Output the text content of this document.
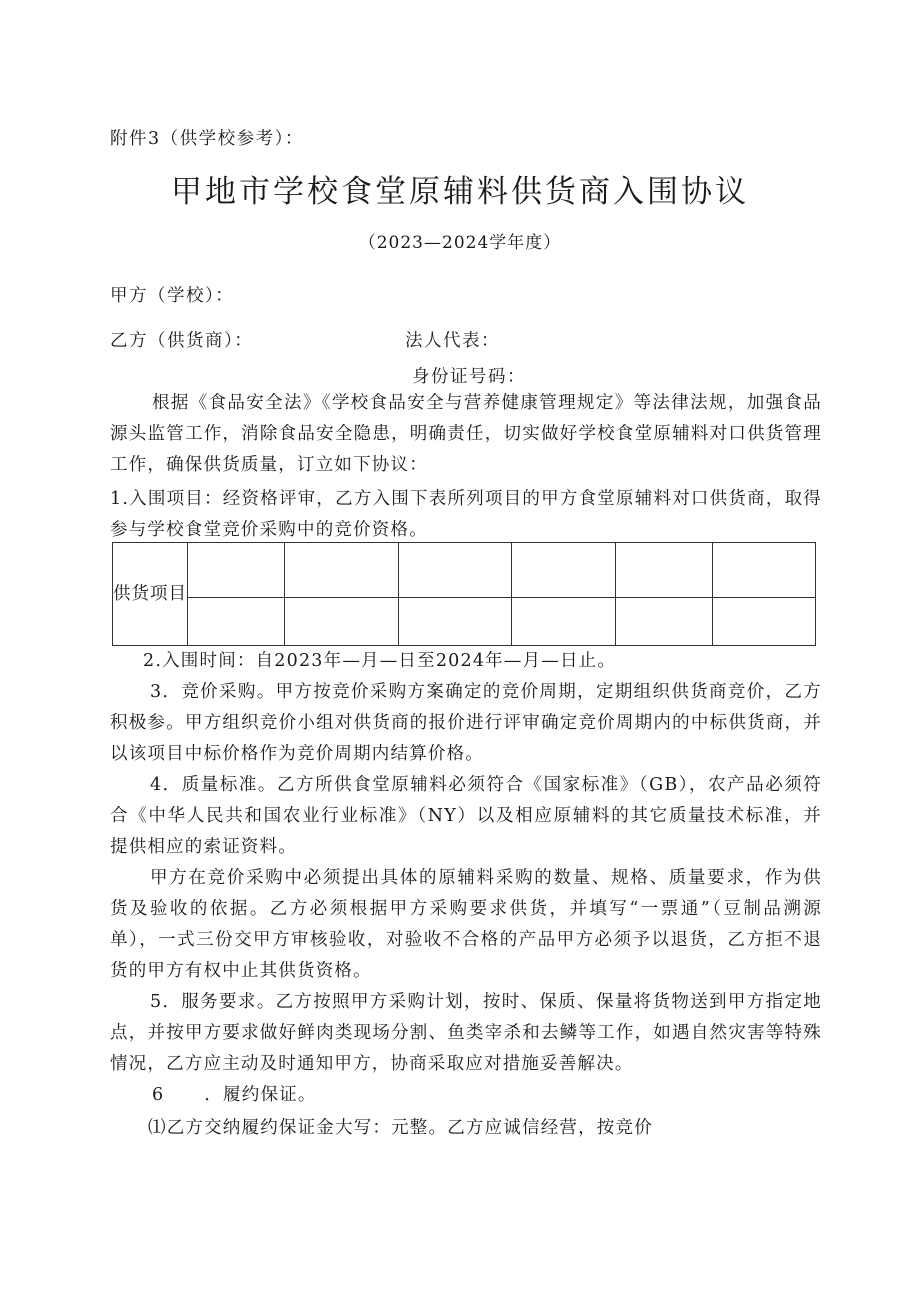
附件3（供学校参考）：
甲地市学校食堂原辅料供货商入围协议
（2023—2024学年度）
甲方（学校）：
乙方（供货商）：	法人代表：
身份证号码：
根据《食品安全法》《学校食品安全与营养健康管理规定》等法律法规，加强食品源头监管工作，消除食品安全隐患，明确责任，切实做好学校食堂原辅料对口供货管理工作，确保供货质量，订立如下协议：
1.入围项目：经资格评审，乙方入围下表所列项目的甲方食堂原辅料对口供货商，取得参与学校食堂竞价采购中的竞价资格。
供货项目						

2.入围时间：自2023年—月—日至2024年—月—日止。
3．竞价采购。甲方按竞价采购方案确定的竞价周期，定期组织供货商竞价，乙方积极参。甲方组织竞价小组对供货商的报价进行评审确定竞价周期内的中标供货商，并以该项目中标价格作为竞价周期内结算价格。
4．质量标准。乙方所供食堂原辅料必须符合《国家标准》（GB），农产品必须符合《中华人民共和国农业行业标准》（NY）以及相应原辅料的其它质量技术标准，并提供相应的索证资料。
甲方在竞价采购中必须提出具体的原辅料采购的数量、规格、质量要求，作为供货及验收的依据。乙方必须根据甲方采购要求供货，并填写“一票通”（豆制品溯源单），一式三份交甲方审核验收，对验收不合格的产品甲方必须予以退货，乙方拒不退货的甲方有权中止其供货资格。
5．服务要求。乙方按照甲方采购计划，按时、保质、保量将货物送到甲方指定地点，并按甲方要求做好鲜肉类现场分割、鱼类宰杀和去鳞等工作，如遇自然灾害等特殊情况，乙方应主动及时通知甲方，协商采取应对措施妥善解决。
6 ．履约保证。
⑴乙方交纳履约保证金大写：元整。乙方应诚信经营，按竞价
